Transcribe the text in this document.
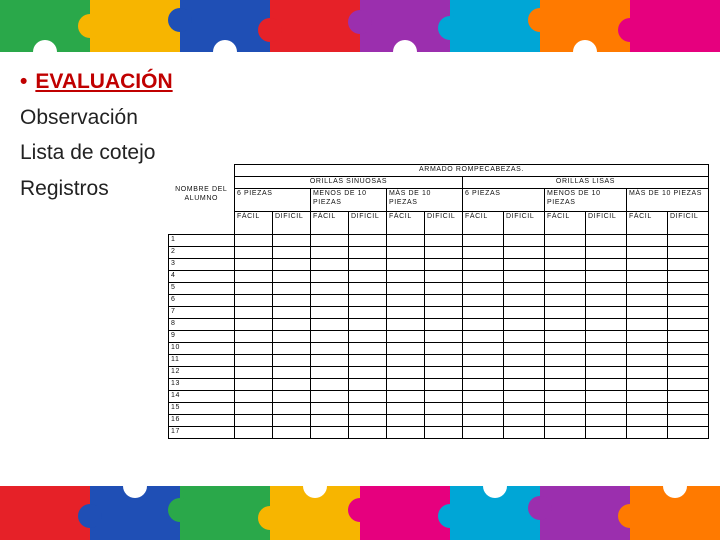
• EVALUACIÓN
Observación
Lista de cotejo
Registros
	ARMADO ROMPECABEZAS.											
NOMBRE DEL ALUMNO	ORILLAS SINUOSAS						ORILLAS LISAS					
	6 PIEZAS		MENOS DE 10 PIEZAS		MÁS DE 10 PIEZAS		6 PIEZAS		MENOS DE 10 PIEZAS		MÁS DE 10 PIEZAS	
	FÁCIL	DIFICIL	FÁCIL	DIFICIL	FÁCIL	DIFICIL	FÁCIL	DIFICIL	FÁCIL	DIFICIL	FÁCIL	DIFICIL
1												
2												
3												
4												
5												
6												
7												
8												
9												
10												
11												
12												
13												
14												
15												
16												
17												
